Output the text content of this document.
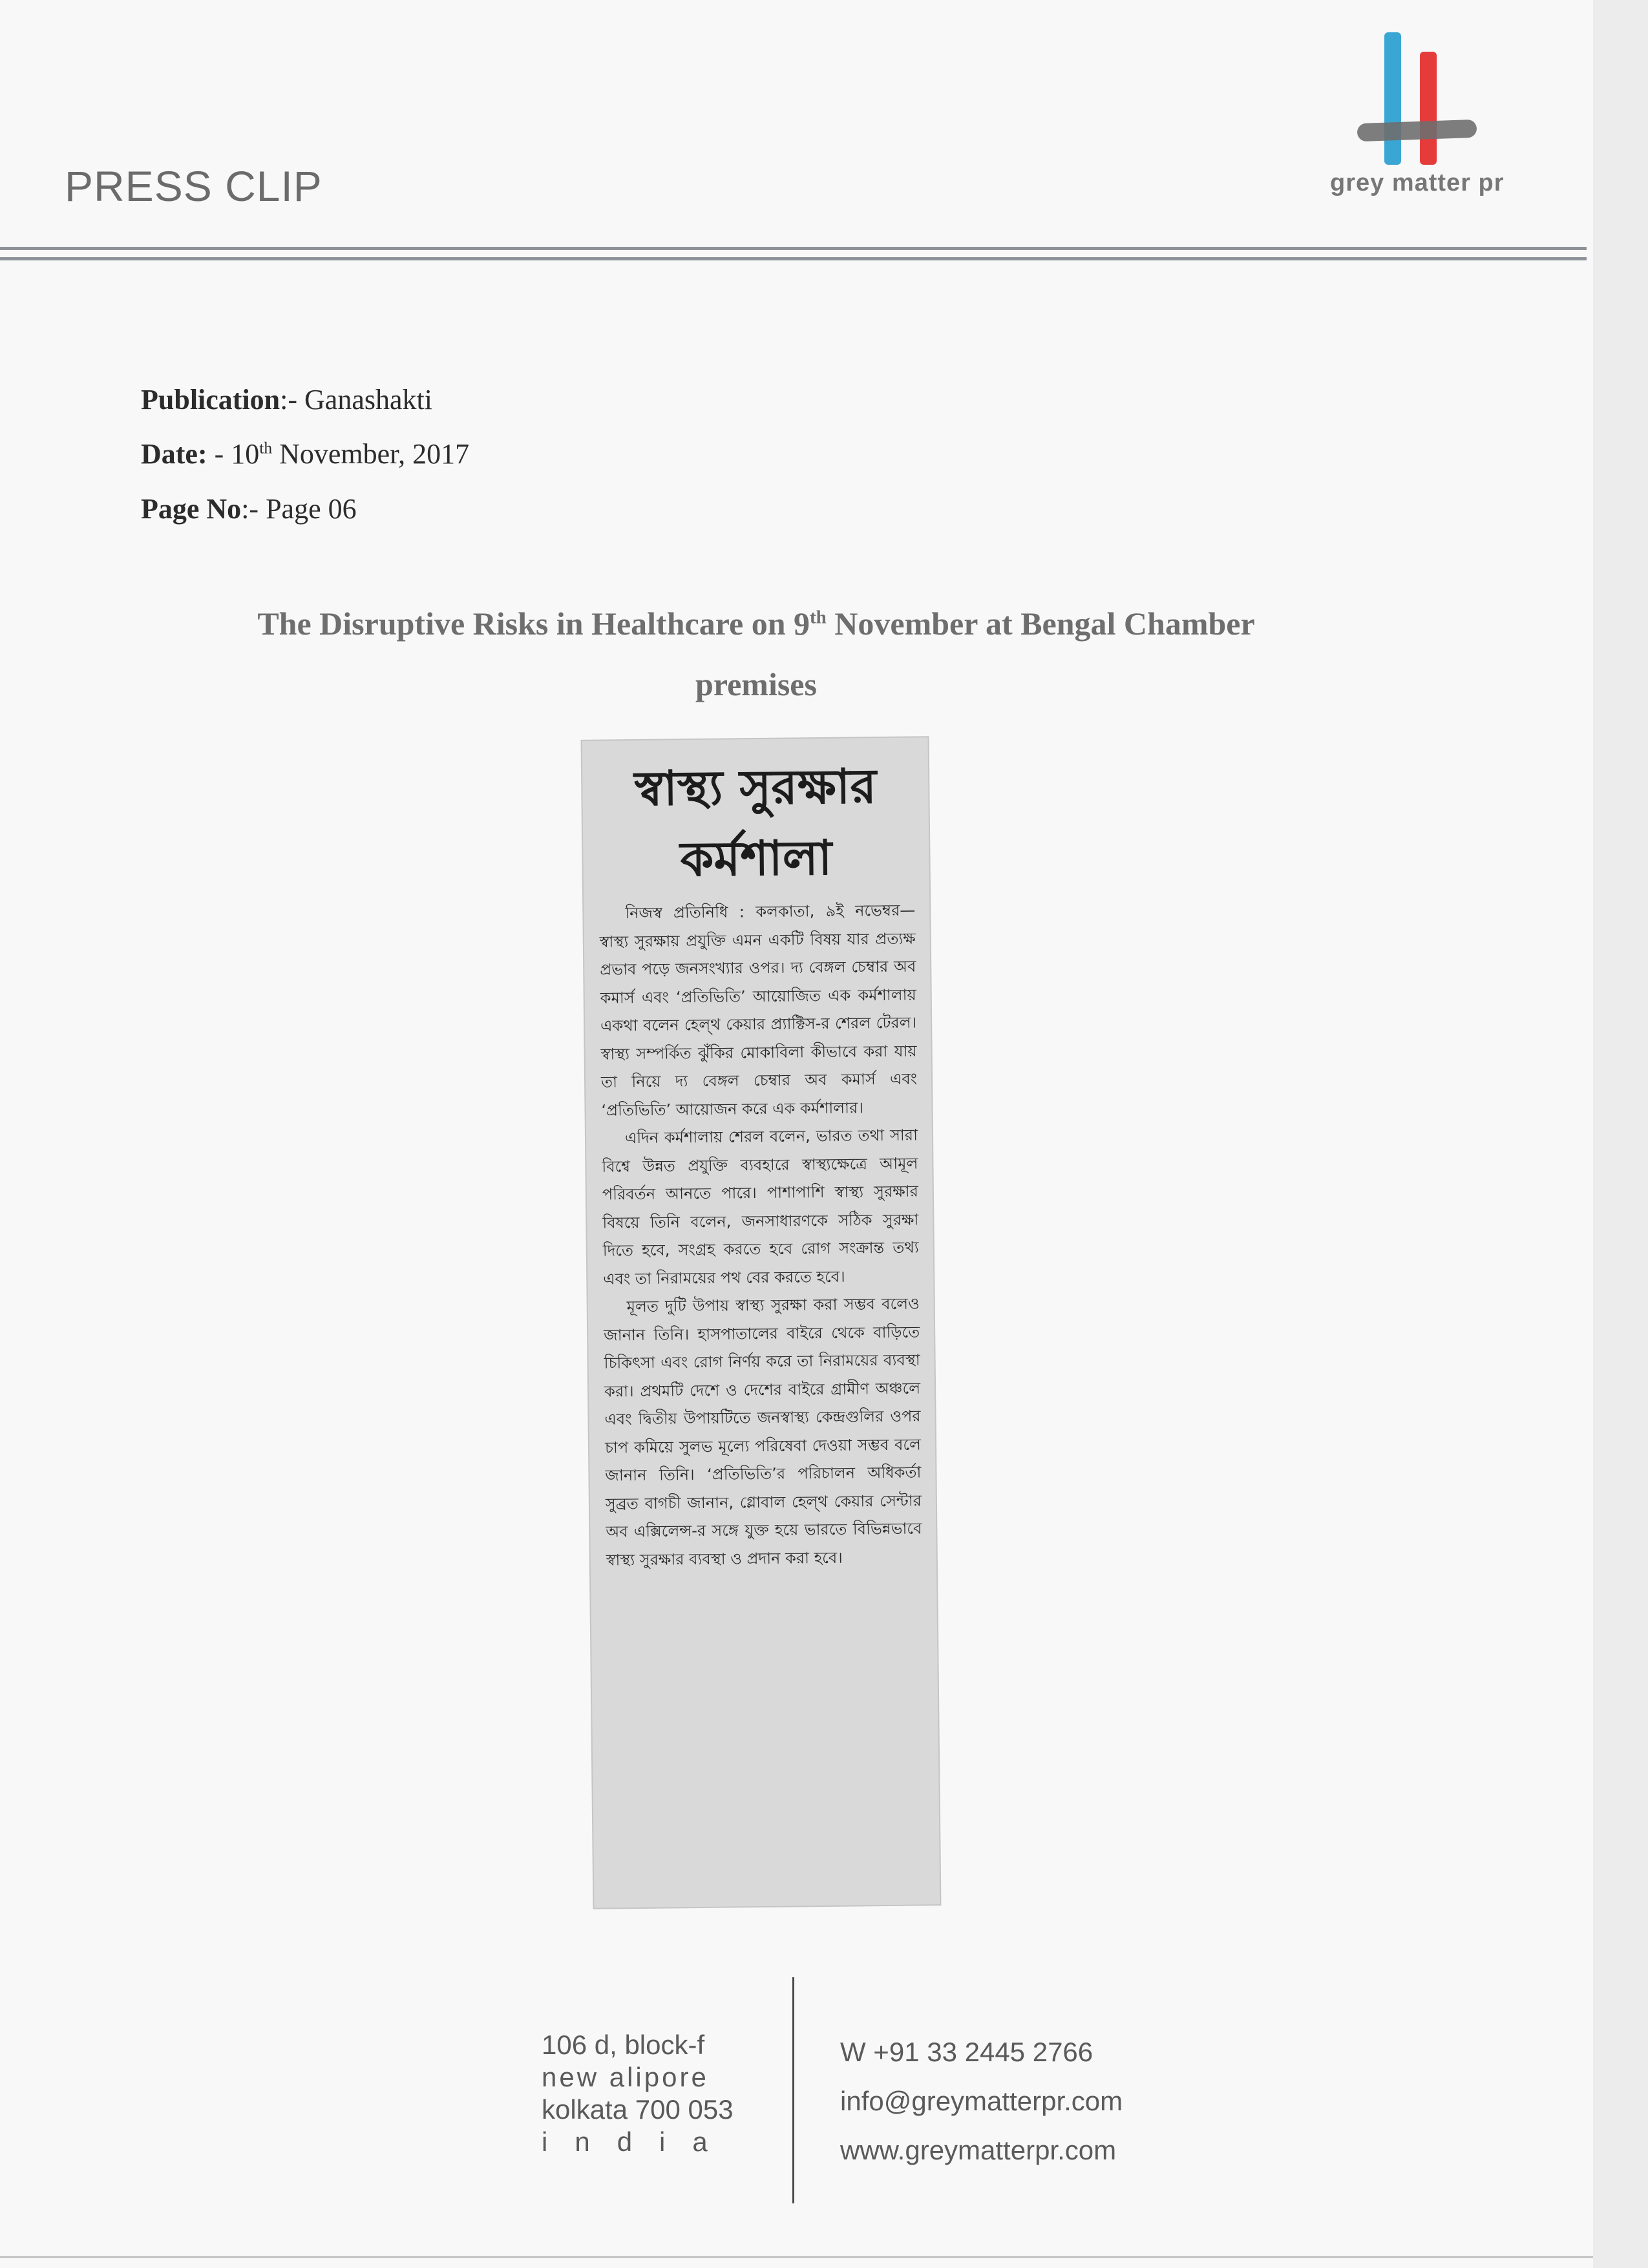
PRESS CLIP	grey matter pr
Publication:- Ganashakti
Date: - 10th November, 2017
Page No:- Page 06
The Disruptive Risks in Healthcare on 9th November at Bengal Chamber
premises
স্বাস্থ্য সুরক্ষার
কর্মশালা

নিজস্ব প্রতিনিধি : কলকাতা, ৯ই নভেম্বর— স্বাস্থ্য সুরক্ষায় প্রযুক্তি এমন একটি বিষয় যার প্রত্যক্ষ প্রভাব পড়ে জনসংখ্যার ওপর। দ্য বেঙ্গল চেম্বার অব কমার্স এবং ‘প্রতিভিতি’ আয়োজিত এক কর্মশালায় একথা বলেন হেল্‌থ কেয়ার প্র্যাক্টিস-র শেরল টেরল। স্বাস্থ্য সম্পর্কিত ঝুঁকির মোকাবিলা কীভাবে করা যায় তা নিয়ে দ্য বেঙ্গল চেম্বার অব কমার্স এবং ‘প্রতিভিতি’ আয়োজন করে এক কর্মশালার।

এদিন কর্মশালায় শেরল বলেন, ভারত তথা সারা বিশ্বে উন্নত প্রযুক্তি ব্যবহারে স্বাস্থ্যক্ষেত্রে আমূল পরিবর্তন আনতে পারে। পাশাপাশি স্বাস্থ্য সুরক্ষার বিষয়ে তিনি বলেন, জনসাধারণকে সঠিক সুরক্ষা দিতে হবে, সংগ্রহ করতে হবে রোগ সংক্রান্ত তথ্য এবং তা নিরাময়ের পথ বের করতে হবে।

মূলত দুটি উপায় স্বাস্থ্য সুরক্ষা করা সম্ভব বলেও জানান তিনি। হাসপাতালের বাইরে থেকে বাড়িতে চিকিৎসা এবং রোগ নির্ণয় করে তা নিরাময়ের ব্যবস্থা করা। প্রথমটি দেশে ও দেশের বাইরে গ্রামীণ অঞ্চলে এবং দ্বিতীয় উপায়টিতে জনস্বাস্থ্য কেন্দ্রগুলির ওপর চাপ কমিয়ে সুলভ মূল্যে পরিষেবা দেওয়া সম্ভব বলে জানান তিনি। ‘প্রতিভিতি’র পরিচালন অধিকর্তা সুব্রত বাগচী জানান, গ্লোবাল হেল্‌থ কেয়ার সেন্টার অব এক্সিলেন্স-র সঙ্গে যুক্ত হয়ে ভারতে বিভিন্নভাবে স্বাস্থ্য সুরক্ষার ব্যবস্থা ও প্রদান করা হবে।

106 d, block-f
new alipore
kolkata 700 053
india
W +91 33 2445 2766
info@greymatterpr.com
www.greymatterpr.com
